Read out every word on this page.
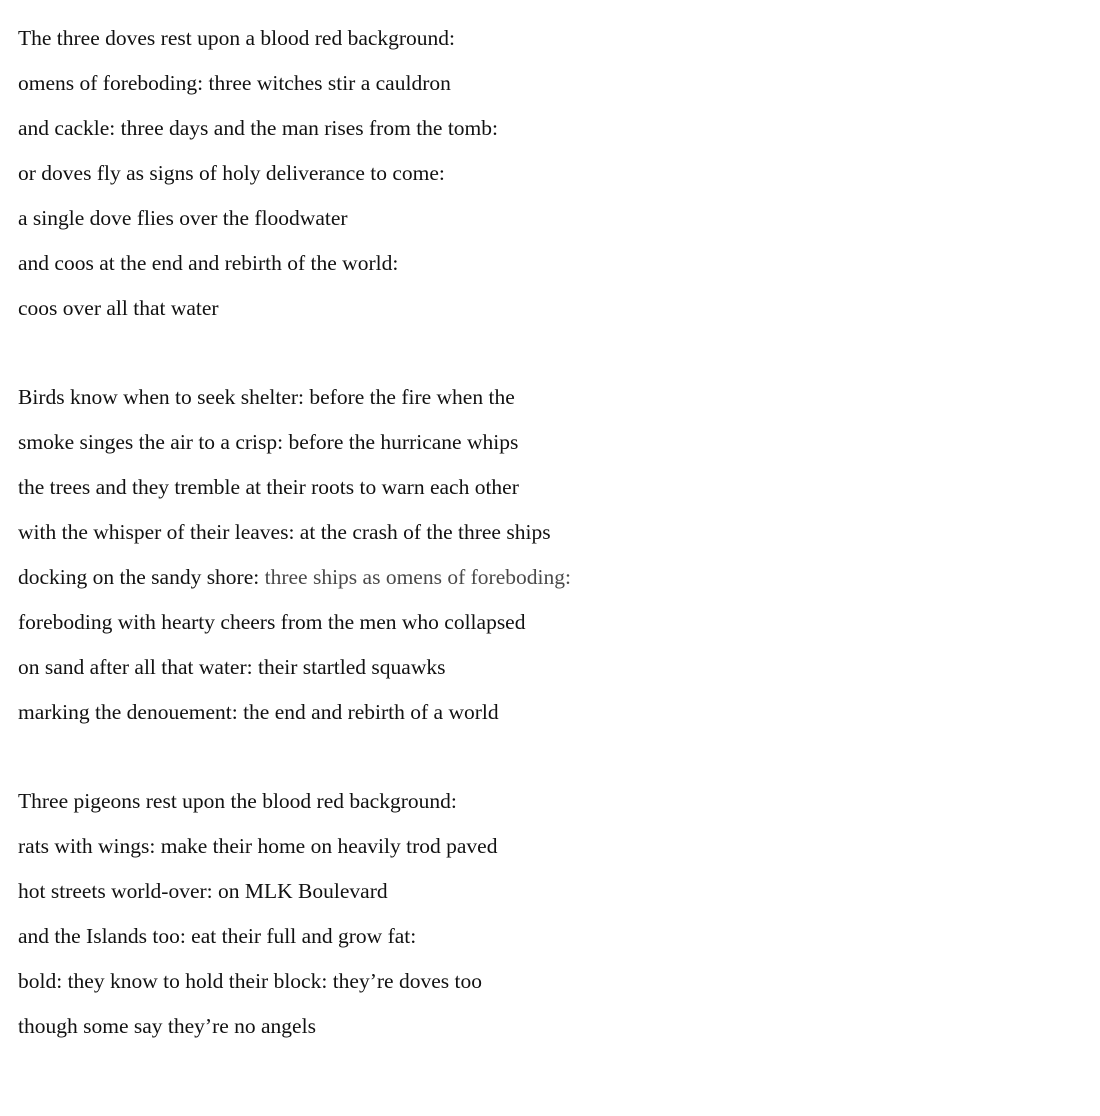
The three doves rest upon a blood red background:
omens of foreboding: three witches stir a cauldron
and cackle: three days and the man rises from the tomb:
or doves fly as signs of holy deliverance to come:
a single dove flies over the floodwater
and coos at the end and rebirth of the world:
coos over all that water
Birds know when to seek shelter: before the fire when the
smoke singes the air to a crisp: before the hurricane whips
the trees and they tremble at their roots to warn each other
with the whisper of their leaves: at the crash of the three ships
docking on the sandy shore: three ships as omens of foreboding:
foreboding with hearty cheers from the men who collapsed
on sand after all that water: their startled squawks
marking the denouement: the end and rebirth of a world
Three pigeons rest upon the blood red background:
rats with wings: make their home on heavily trod paved
hot streets world-over: on MLK Boulevard
and the Islands too: eat their full and grow fat:
bold: they know to hold their block: they’re doves too
though some say they’re no angels
